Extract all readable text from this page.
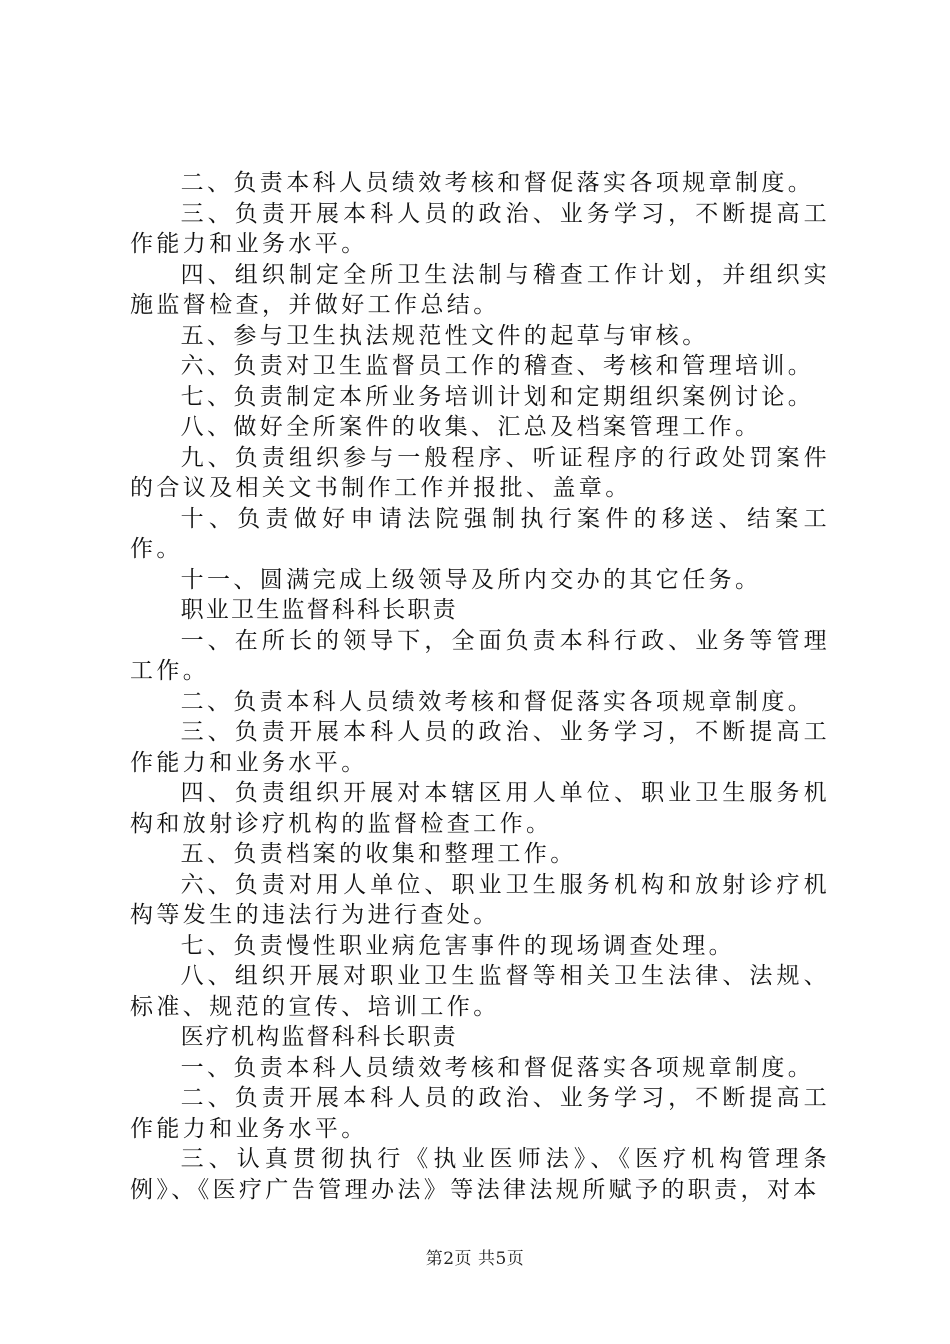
二、负责本科人员绩效考核和督促落实各项规章制度。

三、负责开展本科人员的政治、业务学习，不断提高工作能力和业务水平。

四、组织制定全所卫生法制与稽查工作计划，并组织实施监督检查，并做好工作总结。

五、参与卫生执法规范性文件的起草与审核。

六、负责对卫生监督员工作的稽查、考核和管理培训。

七、负责制定本所业务培训计划和定期组织案例讨论。

八、做好全所案件的收集、汇总及档案管理工作。

九、负责组织参与一般程序、听证程序的行政处罚案件的合议及相关文书制作工作并报批、盖章。

十、负责做好申请法院强制执行案件的移送、结案工作。

十一、圆满完成上级领导及所内交办的其它任务。

职业卫生监督科科长职责

一、在所长的领导下，全面负责本科行政、业务等管理工作。

二、负责本科人员绩效考核和督促落实各项规章制度。

三、负责开展本科人员的政治、业务学习，不断提高工作能力和业务水平。

四、负责组织开展对本辖区用人单位、职业卫生服务机构和放射诊疗机构的监督检查工作。

五、负责档案的收集和整理工作。

六、负责对用人单位、职业卫生服务机构和放射诊疗机构等发生的违法行为进行查处。

七、负责慢性职业病危害事件的现场调查处理。

八、组织开展对职业卫生监督等相关卫生法律、法规、标准、规范的宣传、培训工作。

医疗机构监督科科长职责

一、负责本科人员绩效考核和督促落实各项规章制度。

二、负责开展本科人员的政治、业务学习，不断提高工作能力和业务水平。

三、认真贯彻执行《执业医师法》、《医疗机构管理条例》、《医疗广告管理办法》等法律法规所赋予的职责，对本

第2页 共5页
